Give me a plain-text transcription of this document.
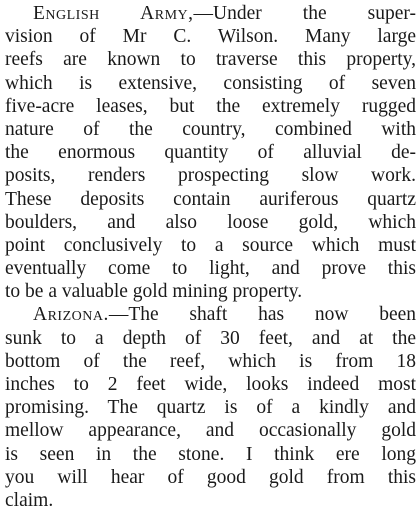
English Army,—Under the super-
vision of Mr C. Wilson. Many large
reefs are known to traverse this property,
which is extensive, consisting of seven
five-acre leases, but the extremely rugged
nature of the country, combined with
the enormous quantity of alluvial de-
posits, renders prospecting slow work.
These deposits contain auriferous quartz
boulders, and also loose gold, which
point conclusively to a source which must
eventually come to light, and prove this
to be a valuable gold mining property.
Arizona.—The shaft has now been
sunk to a depth of 30 feet, and at the
bottom of the reef, which is from 18
inches to 2 feet wide, looks indeed most
promising. The quartz is of a kindly and
mellow appearance, and occasionally gold
is seen in the stone. I think ere long
you will hear of good gold from this
claim.
